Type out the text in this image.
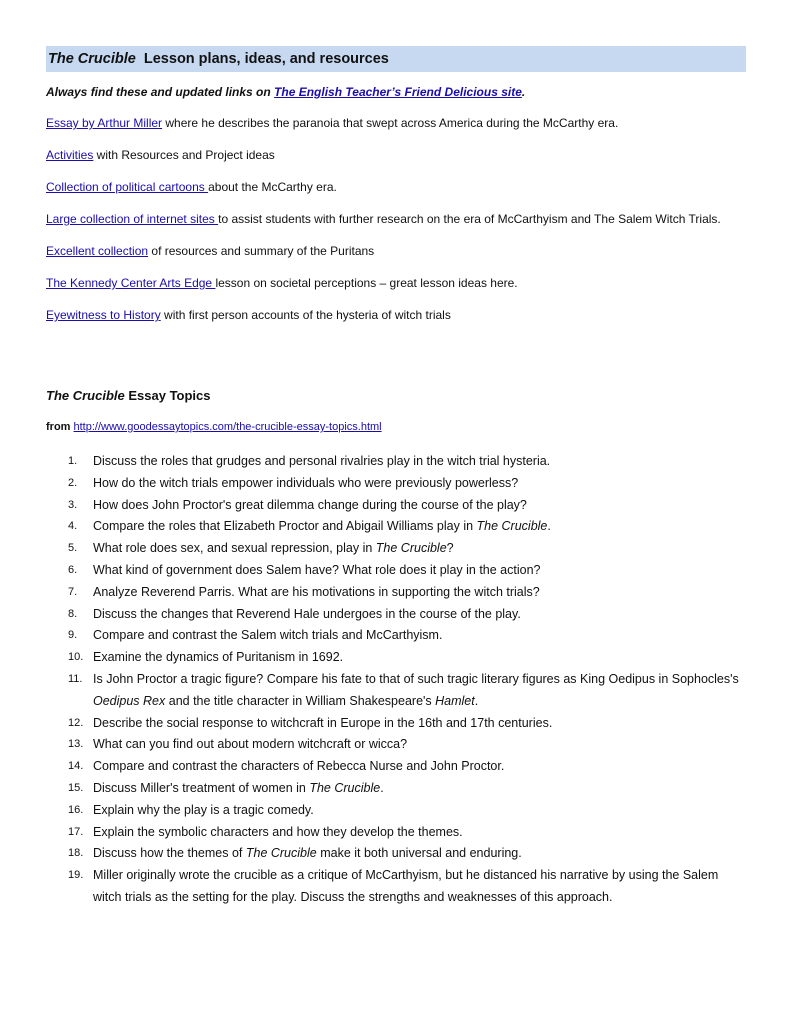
The Crucible Lesson plans, ideas, and resources
Always find these and updated links on The English Teacher’s Friend Delicious site.
Essay by Arthur Miller where he describes the paranoia that swept across America during the McCarthy era.
Activities with Resources and Project ideas
Collection of political cartoons about the McCarthy era.
Large collection of internet sites to assist students with further research on the era of McCarthyism and The Salem Witch Trials.
Excellent collection of resources and summary of the Puritans
The Kennedy Center Arts Edge lesson on societal perceptions – great lesson ideas here.
Eyewitness to History with first person accounts of the hysteria of witch trials
The Crucible Essay Topics
from http://www.goodessaytopics.com/the-crucible-essay-topics.html
1. Discuss the roles that grudges and personal rivalries play in the witch trial hysteria.
2. How do the witch trials empower individuals who were previously powerless?
3. How does John Proctor's great dilemma change during the course of the play?
4. Compare the roles that Elizabeth Proctor and Abigail Williams play in The Crucible.
5. What role does sex, and sexual repression, play in The Crucible?
6. What kind of government does Salem have? What role does it play in the action?
7. Analyze Reverend Parris. What are his motivations in supporting the witch trials?
8. Discuss the changes that Reverend Hale undergoes in the course of the play.
9. Compare and contrast the Salem witch trials and McCarthyism.
10. Examine the dynamics of Puritanism in 1692.
11. Is John Proctor a tragic figure? Compare his fate to that of such tragic literary figures as King Oedipus in Sophocles's Oedipus Rex and the title character in William Shakespeare's Hamlet.
12. Describe the social response to witchcraft in Europe in the 16th and 17th centuries.
13. What can you find out about modern witchcraft or wicca?
14. Compare and contrast the characters of Rebecca Nurse and John Proctor.
15. Discuss Miller's treatment of women in The Crucible.
16. Explain why the play is a tragic comedy.
17. Explain the symbolic characters and how they develop the themes.
18. Discuss how the themes of The Crucible make it both universal and enduring.
19. Miller originally wrote the crucible as a critique of McCarthyism, but he distanced his narrative by using the Salem witch trials as the setting for the play. Discuss the strengths and weaknesses of this approach.
